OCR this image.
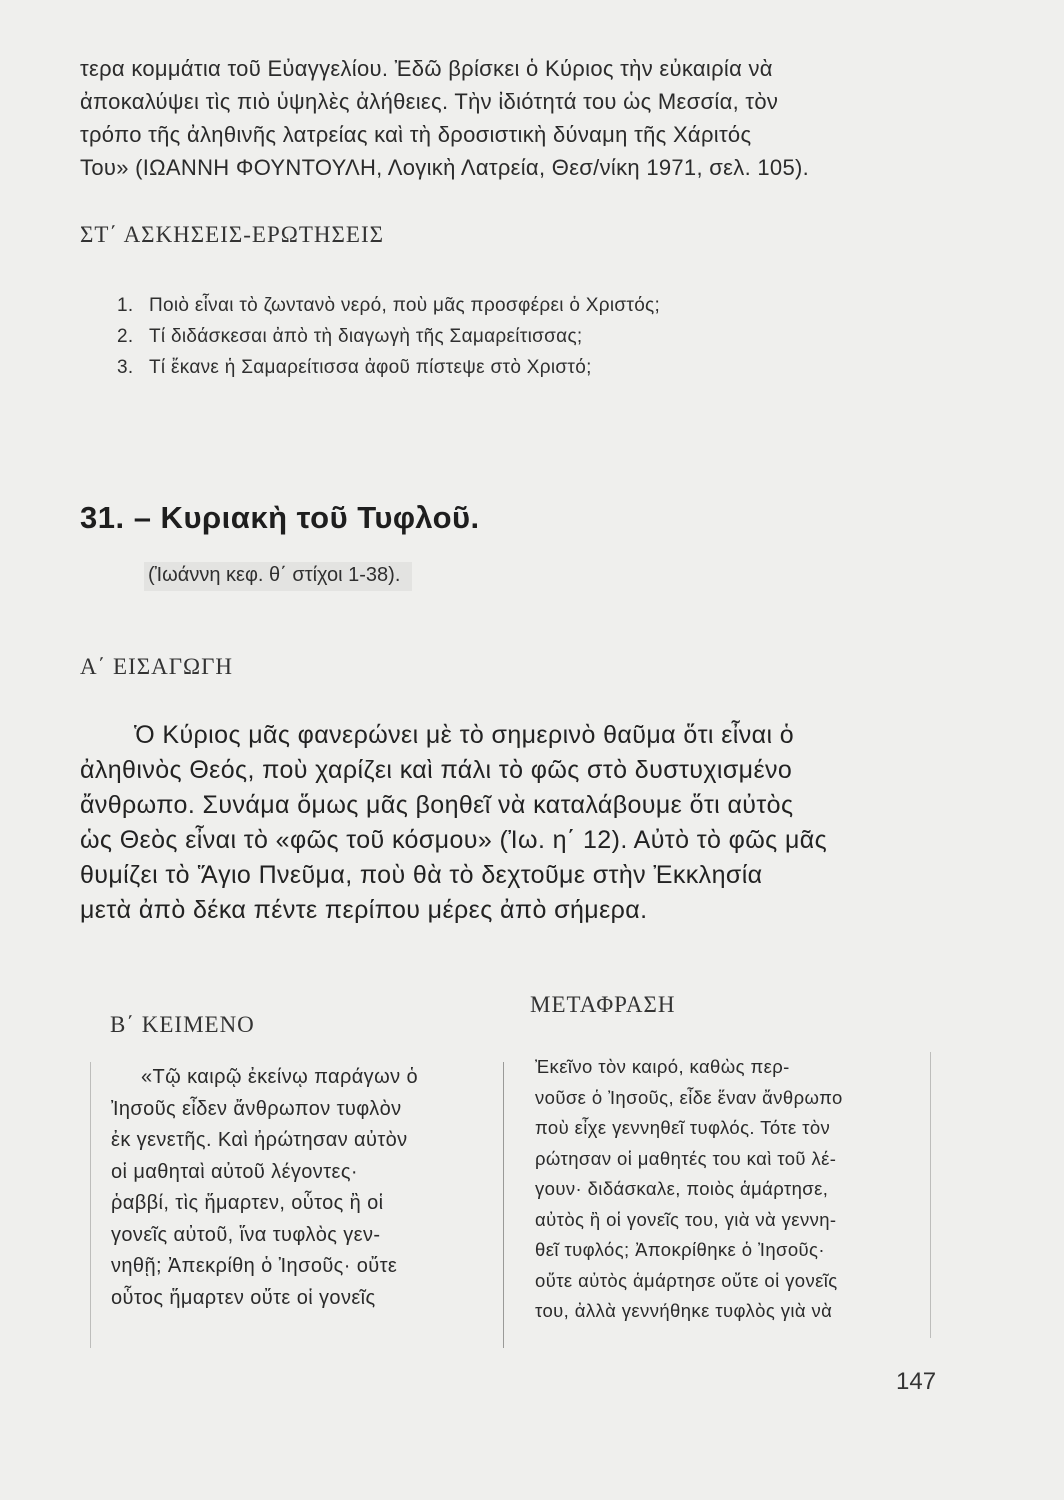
τερα κομμάτια τοῦ Εὐαγγελίου. Ἐδῶ βρίσκει ὁ Κύριος τὴν εὐκαιρία νὰ

ἀποκαλύψει τὶς πιὸ ὑψηλὲς ἀλήθειες. Τὴν ἰδιότητά του ὡς Μεσσία, τὸν

τρόπο τῆς ἀληθινῆς λατρείας καὶ τὴ δροσιστικὴ δύναμη τῆς Χάριτός

Του» (ΙΩΑΝΝΗ ΦΟΥΝΤΟΥΛΗ, Λογικὴ Λατρεία, Θεσ/νίκη 1971, σελ. 105).

ΣΤ΄ ΑΣΚΗΣΕΙΣ-ΕΡΩΤΗΣΕΙΣ
1. Ποιὸ εἶναι τὸ ζωντανὸ νερό, ποὺ μᾶς προσφέρει ὁ Χριστός;
2. Τί διδάσκεσαι ἀπὸ τὴ διαγωγὴ τῆς Σαμαρείτισσας;
3. Τί ἔκανε ἡ Σαμαρείτισσα ἀφοῦ πίστεψε στὸ Χριστό;
31. – Κυριακὴ τοῦ Τυφλοῦ.
(Ἰωάννη κεφ. θ΄ στίχοι 1-38).
Α΄ ΕΙΣΑΓΩΓΗ

Ὁ Κύριος μᾶς φανερώνει μὲ τὸ σημερινὸ θαῦμα ὅτι εἶναι ὁ

ἀληθινὸς Θεός, ποὺ χαρίζει καὶ πάλι τὸ φῶς στὸ δυστυχισμένο

ἄνθρωπο. Συνάμα ὅμως μᾶς βοηθεῖ νὰ καταλάβουμε ὅτι αὐτὸς

ὡς Θεὸς εἶναι τὸ «φῶς τοῦ κόσμου» (Ἰω. η΄ 12). Αὐτὸ τὸ φῶς μᾶς

θυμίζει τὸ Ἅγιο Πνεῦμα, ποὺ θὰ τὸ δεχτοῦμε στὴν Ἐκκλησία

μετὰ ἀπὸ δέκα πέντε περίπου μέρες ἀπὸ σήμερα.

Β΄ ΚΕΙΜΕΝΟ
ΜΕΤΑΦΡΑΣΗ

«Τῷ καιρῷ ἐκείνῳ παράγων ὁ

Ἰησοῦς εἶδεν ἄνθρωπον τυφλὸν

ἐκ γενετῆς. Καὶ ἠρώτησαν αὐτὸν

οἱ μαθηταὶ αὐτοῦ λέγοντες·

ῥαββί, τὶς ἥμαρτεν, οὗτος ἢ οἱ

γονεῖς αὐτοῦ, ἵνα τυφλὸς γεν-

νηθῇ; Ἀπεκρίθη ὁ Ἰησοῦς· οὔτε

οὗτος ἥμαρτεν οὔτε οἱ γονεῖς

Ἐκεῖνο τὸν καιρό, καθὼς περ-

νοῦσε ὁ Ἰησοῦς, εἶδε ἕναν ἄνθρωπο

ποὺ εἶχε γεννηθεῖ τυφλός. Τότε τὸν

ρώτησαν οἱ μαθητές του καὶ τοῦ λέ-

γουν· διδάσκαλε, ποιὸς ἁμάρτησε,

αὐτὸς ἢ οἱ γονεῖς του, γιὰ νὰ γεννη-

θεῖ τυφλός; Ἀποκρίθηκε ὁ Ἰησοῦς·

οὔτε αὐτὸς ἁμάρτησε οὔτε οἱ γονεῖς

του, ἀλλὰ γεννήθηκε τυφλὸς γιὰ νὰ

147
